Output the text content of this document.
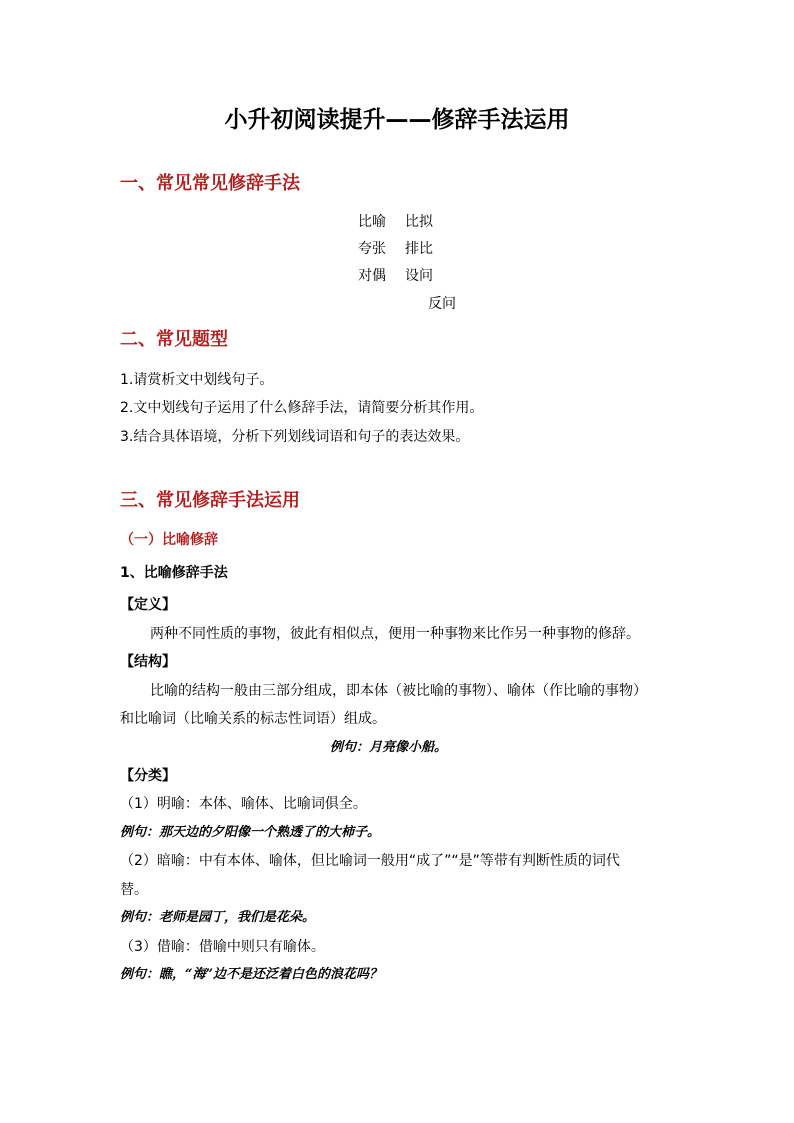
小升初阅读提升——修辞手法运用
一、常见常见修辞手法
比喻 比拟
夸张 排比
对偶 设问
反问
二、常见题型
1.请赏析文中划线句子。
2.文中划线句子运用了什么修辞手法，请简要分析其作用。
3.结合具体语境，分析下列划线词语和句子的表达效果。
三、常见修辞手法运用
（一）比喻修辞
1、比喻修辞手法
【定义】
两种不同性质的事物，彼此有相似点，便用一种事物来比作另一种事物的修辞。
【结构】
比喻的结构一般由三部分组成，即本体（被比喻的事物）、喻体（作比喻的事物）
和比喻词（比喻关系的标志性词语）组成。
例句：月亮像小船。
【分类】
（1）明喻：本体、喻体、比喻词俱全。
例句：那天边的夕阳像一个熟透了的大柿子。
（2）暗喻：中有本体、喻体，但比喻词一般用“成了”“是”等带有判断性质的词代
替。
例句：老师是园丁，我们是花朵。
（3）借喻：借喻中则只有喻体。
例句：瞧，“海”边不是还泛着白色的浪花吗？
